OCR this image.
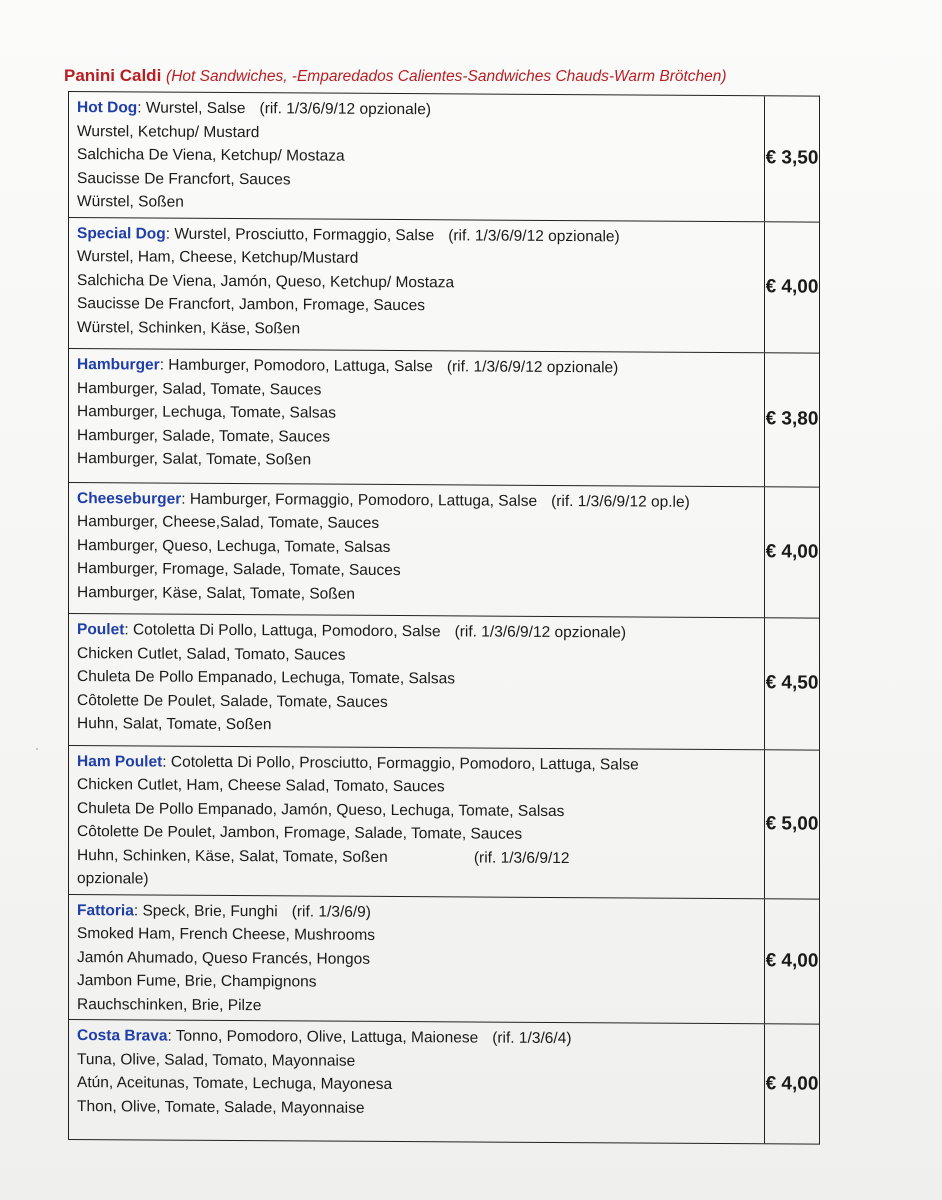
Panini Caldi (Hot Sandwiches, -Emparedados Calientes-Sandwiches Chauds-Warm Brötchen)
Hot Dog: Wurstel, Salse (rif. 1/3/6/9/12 opzionale)
Wurstel, Ketchup/ Mustard
Salchicha De Viena, Ketchup/ Mostaza
Saucisse De Francfort, Sauces
Würstel, Soßen
€ 3,50
Special Dog: Wurstel, Prosciutto, Formaggio, Salse (rif. 1/3/6/9/12 opzionale)
Wurstel, Ham, Cheese, Ketchup/Mustard
Salchicha De Viena, Jamón, Queso, Ketchup/ Mostaza
Saucisse De Francfort, Jambon, Fromage, Sauces
Würstel, Schinken, Käse, Soßen
€ 4,00
Hamburger: Hamburger, Pomodoro, Lattuga, Salse (rif. 1/3/6/9/12 opzionale)
Hamburger, Salad, Tomate, Sauces
Hamburger, Lechuga, Tomate, Salsas
Hamburger, Salade, Tomate, Sauces
Hamburger, Salat, Tomate, Soßen
€ 3,80
Cheeseburger: Hamburger, Formaggio, Pomodoro, Lattuga, Salse (rif. 1/3/6/9/12 op.le)
Hamburger, Cheese,Salad, Tomate, Sauces
Hamburger, Queso, Lechuga, Tomate, Salsas
Hamburger, Fromage, Salade, Tomate, Sauces
Hamburger, Käse, Salat, Tomate, Soßen
€ 4,00
Poulet: Cotoletta Di Pollo, Lattuga, Pomodoro, Salse (rif. 1/3/6/9/12 opzionale)
Chicken Cutlet, Salad, Tomato, Sauces
Chuleta De Pollo Empanado, Lechuga, Tomate, Salsas
Côtolette De Poulet, Salade, Tomate, Sauces
Huhn, Salat, Tomate, Soßen
€ 4,50
Ham Poulet: Cotoletta Di Pollo, Prosciutto, Formaggio, Pomodoro, Lattuga, Salse
Chicken Cutlet, Ham, Cheese Salad, Tomato, Sauces
Chuleta De Pollo Empanado, Jamón, Queso, Lechuga, Tomate, Salsas
Côtolette De Poulet, Jambon, Fromage, Salade, Tomate, Sauces
Huhn, Schinken, Käse, Salat, Tomate, Soßen                    (rif. 1/3/6/9/12
opzionale)
€ 5,00
Fattoria: Speck, Brie, Funghi (rif. 1/3/6/9)
Smoked Ham, French Cheese, Mushrooms
Jamón Ahumado, Queso Francés, Hongos
Jambon Fume, Brie, Champignons
Rauchschinken, Brie, Pilze
€ 4,00
Costa Brava: Tonno, Pomodoro, Olive, Lattuga, Maionese (rif. 1/3/6/4)
Tuna, Olive, Salad, Tomato, Mayonnaise
Atún, Aceitunas, Tomate, Lechuga, Mayonesa
Thon, Olive, Tomate, Salade, Mayonnaise
€ 4,00
